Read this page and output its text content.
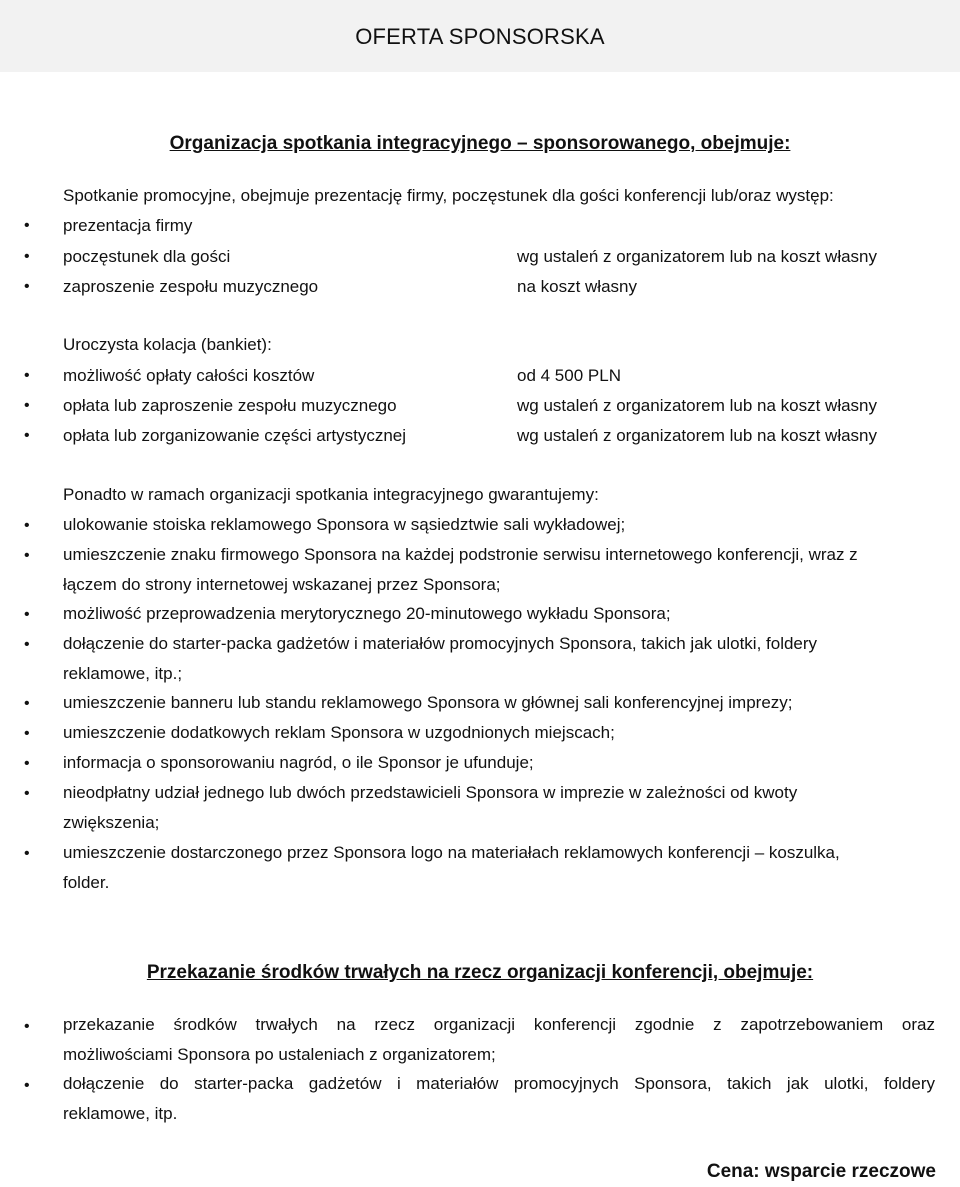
OFERTA SPONSORSKA
Organizacja spotkania integracyjnego – sponsorowanego, obejmuje:
Spotkanie promocyjne, obejmuje prezentację firmy, poczęstunek dla gości konferencji lub/oraz występ:
• prezentacja firmy
• poczęstunek dla gości	wg ustaleń z organizatorem lub na koszt własny
• zaproszenie zespołu muzycznego	na koszt własny
Uroczysta kolacja (bankiet):
• możliwość opłaty całości kosztów	od 4 500 PLN
• opłata lub zaproszenie zespołu muzycznego	wg ustaleń z organizatorem lub na koszt własny
• opłata lub zorganizowanie części artystycznej	wg ustaleń z organizatorem lub na koszt własny
Ponadto w ramach organizacji spotkania integracyjnego gwarantujemy:
• ulokowanie stoiska reklamowego Sponsora w sąsiedztwie sali wykładowej;
• umieszczenie znaku firmowego Sponsora na każdej podstronie serwisu internetowego konferencji, wraz z
łączem do strony internetowej wskazanej przez Sponsora;
• możliwość przeprowadzenia merytorycznego 20-minutowego wykładu Sponsora;
• dołączenie do starter-packa gadżetów i materiałów promocyjnych Sponsora, takich jak ulotki, foldery
reklamowe, itp.;
• umieszczenie banneru lub standu reklamowego Sponsora w głównej sali konferencyjnej imprezy;
• umieszczenie dodatkowych reklam Sponsora w uzgodnionych miejscach;
• informacja o sponsorowaniu nagród, o ile Sponsor je ufunduje;
• nieodpłatny udział jednego lub dwóch przedstawicieli Sponsora w imprezie w zależności od kwoty
zwiększenia;
• umieszczenie dostarczonego przez Sponsora logo na materiałach reklamowych konferencji – koszulka,
folder.
Przekazanie środków trwałych na rzecz organizacji konferencji, obejmuje:
• przekazanie środków trwałych na rzecz organizacji konferencji zgodnie z zapotrzebowaniem oraz
możliwościami Sponsora po ustaleniach z organizatorem;
• dołączenie do starter-packa gadżetów i materiałów promocyjnych Sponsora, takich jak ulotki, foldery
reklamowe, itp.
Cena: wsparcie rzeczowe
